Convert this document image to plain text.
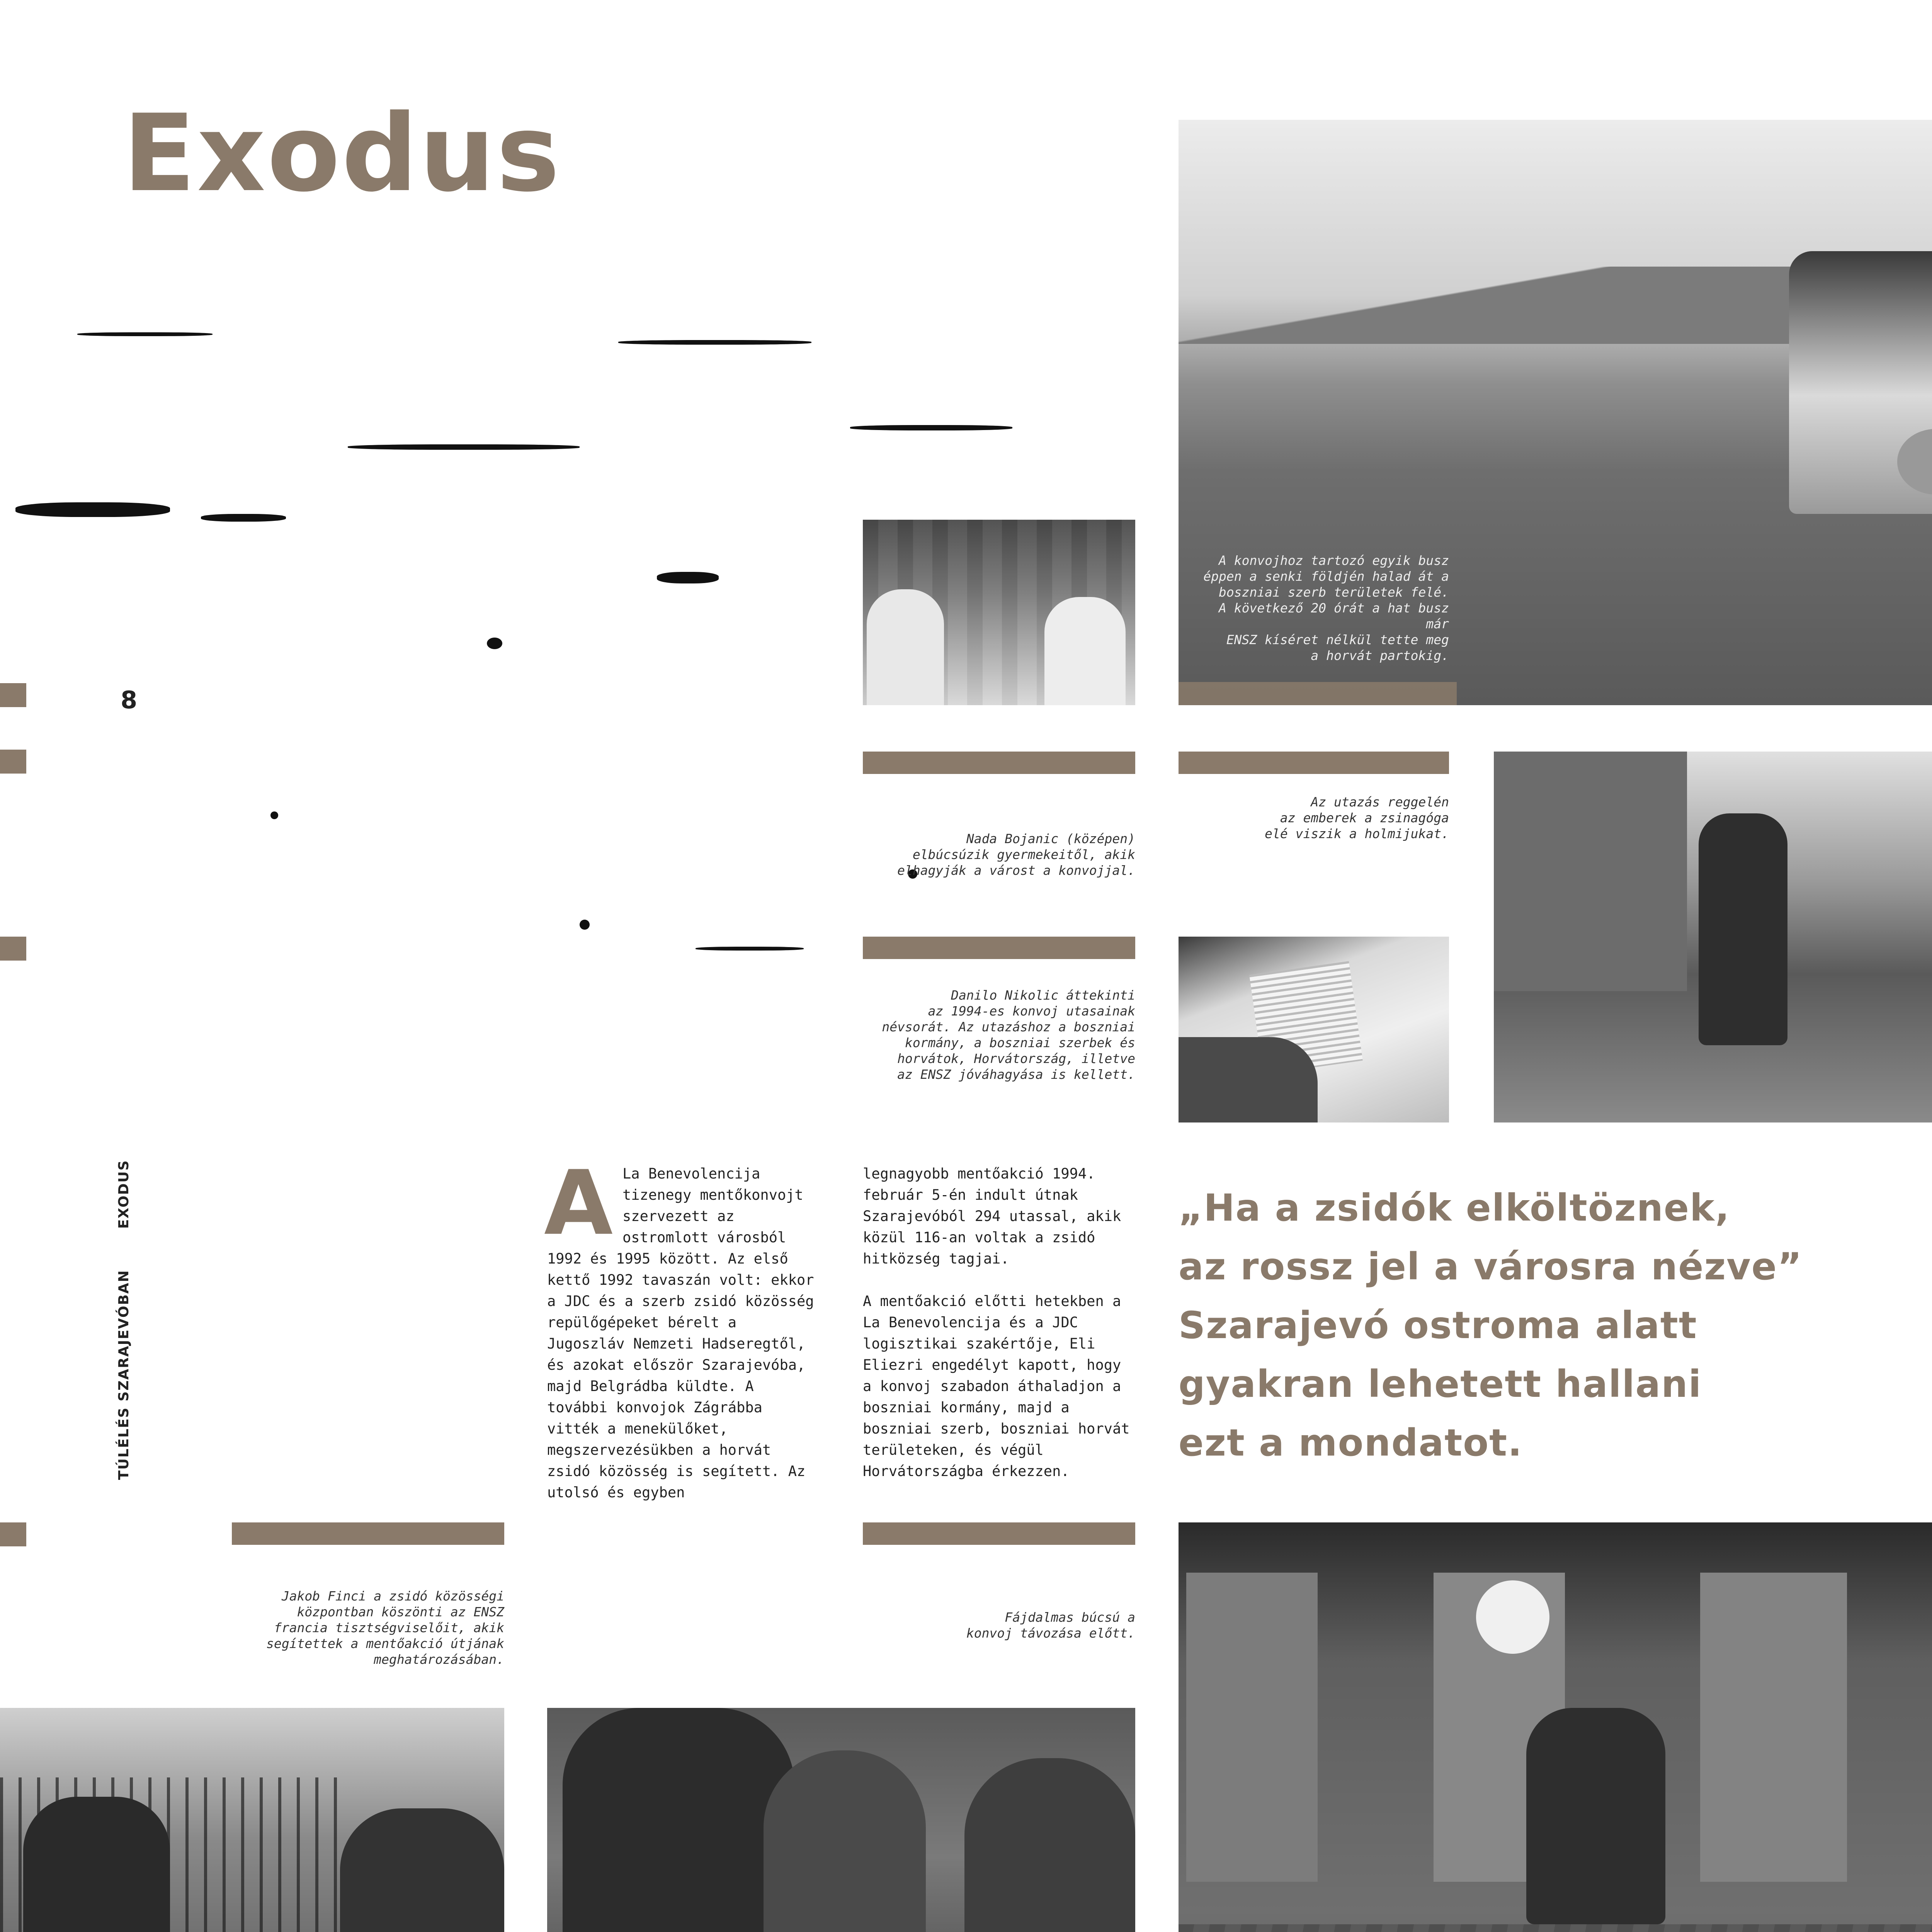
Exodus
8
EXODUS
TÚLÉLÉS SZARAJEVÓBAN
A konvojhoz tartozó egyik busz
éppen a senki földjén halad át a
boszniai szerb területek felé.
A következő 20 órát a hat busz már
ENSZ kíséret nélkül tette meg
a horvát partokig.
Nada Bojanic (középen)
elbúcsúzik gyermekeitől, akik
elhagyják a várost a konvojjal.
Az utazás reggelén
az emberek a zsinagóga
elé viszik a holmijukat.
Danilo Nikolic áttekinti
az 1994-es konvoj utasainak
névsorát. Az utazáshoz a boszniai
kormány, a boszniai szerbek és
horvátok, Horvátország, illetve
az ENSZ jóváhagyása is kellett.
A La Benevolencija tizenegy mentőkonvojt szervezett az ostromlott városból 1992 és 1995 között. Az első kettő 1992 tavaszán volt: ekkor a JDC és a szerb zsidó közösség repülőgépeket bérelt a Jugoszláv Nemzeti Hadseregtől, és azokat először Szarajevóba, majd Belgrádba küldte. A további konvojok Zágrábba vitték a menekülőket, megszervezésükben a horvát zsidó közösség is segített. Az utolsó és egyben
legnagyobb mentőakció 1994. február 5-én indult útnak Szarajevóból 294 utassal, akik közül 116-an voltak a zsidó hitközség tagjai.
A mentőakció előtti hetekben a La Benevolencija és a JDC logisztikai szakértője, Eli Eliezri engedélyt kapott, hogy a konvoj szabadon áthaladjon a boszniai kormány, majd a boszniai szerb, boszniai horvát területeken, és végül Horvátországba érkezzen.
„Ha a zsidók elköltöznek,
az rossz jel a városra nézve”
Szarajevó ostroma alatt
gyakran lehetett hallani
ezt a mondatot.
Jakob Finci a zsidó közösségi
központban köszönti az ENSZ
francia tisztségviselőit, akik
segítettek a mentőakció útjának
meghatározásában.
Fájdalmas búcsú a
konvoj távozása előtt.
